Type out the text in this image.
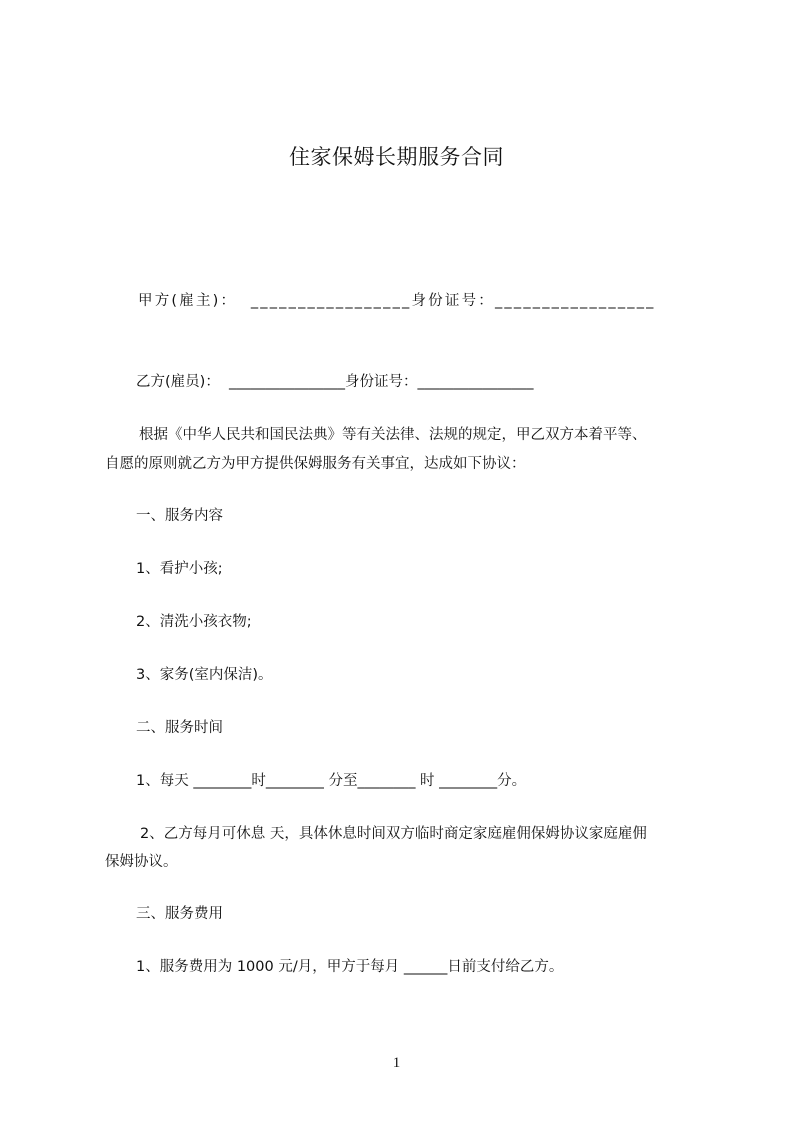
住家保姆长期服务合同
甲方(雇主)：  _________________身份证号：_________________
乙方(雇员)：  ________________身份证号：________________
根据《中华人民共和国民法典》等有关法律、法规的规定，甲乙双方本着平等、
自愿的原则就乙方为甲方提供保姆服务有关事宜，达成如下协议：
一、服务内容
1、看护小孩;
2、清洗小孩衣物;
3、家务(室内保洁)。
二、服务时间
1、每天 ________时________ 分至________ 时 ________分。
2、乙方每月可休息 天，具体休息时间双方临时商定家庭雇佣保姆协议家庭雇佣
保姆协议。
三、服务费用
1、服务费用为 1000 元/月，甲方于每月 ______日前支付给乙方。
1
